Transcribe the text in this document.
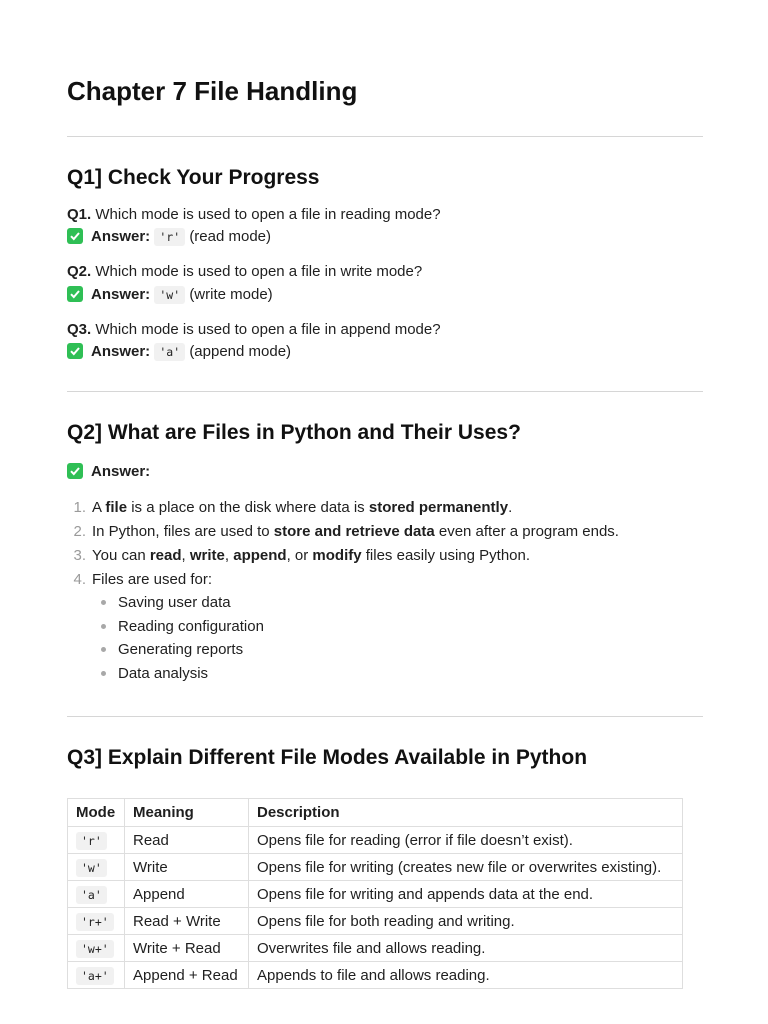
Chapter 7 File Handling
Q1] Check Your Progress
Q1. Which mode is used to open a file in reading mode?
Answer: 'r' (read mode)
Q2. Which mode is used to open a file in write mode?
Answer: 'w' (write mode)
Q3. Which mode is used to open a file in append mode?
Answer: 'a' (append mode)
Q2] What are Files in Python and Their Uses?
Answer:
1. A file is a place on the disk where data is stored permanently.
2. In Python, files are used to store and retrieve data even after a program ends.
3. You can read, write, append, or modify files easily using Python.
4. Files are used for:
Saving user data
Reading configuration
Generating reports
Data analysis
Q3] Explain Different File Modes Available in Python
Mode	Meaning	Description
'r'	Read	Opens file for reading (error if file doesn’t exist).
'w'	Write	Opens file for writing (creates new file or overwrites existing).
'a'	Append	Opens file for writing and appends data at the end.
'r+'	Read + Write	Opens file for both reading and writing.
'w+'	Write + Read	Overwrites file and allows reading.
'a+'	Append + Read	Appends to file and allows reading.
